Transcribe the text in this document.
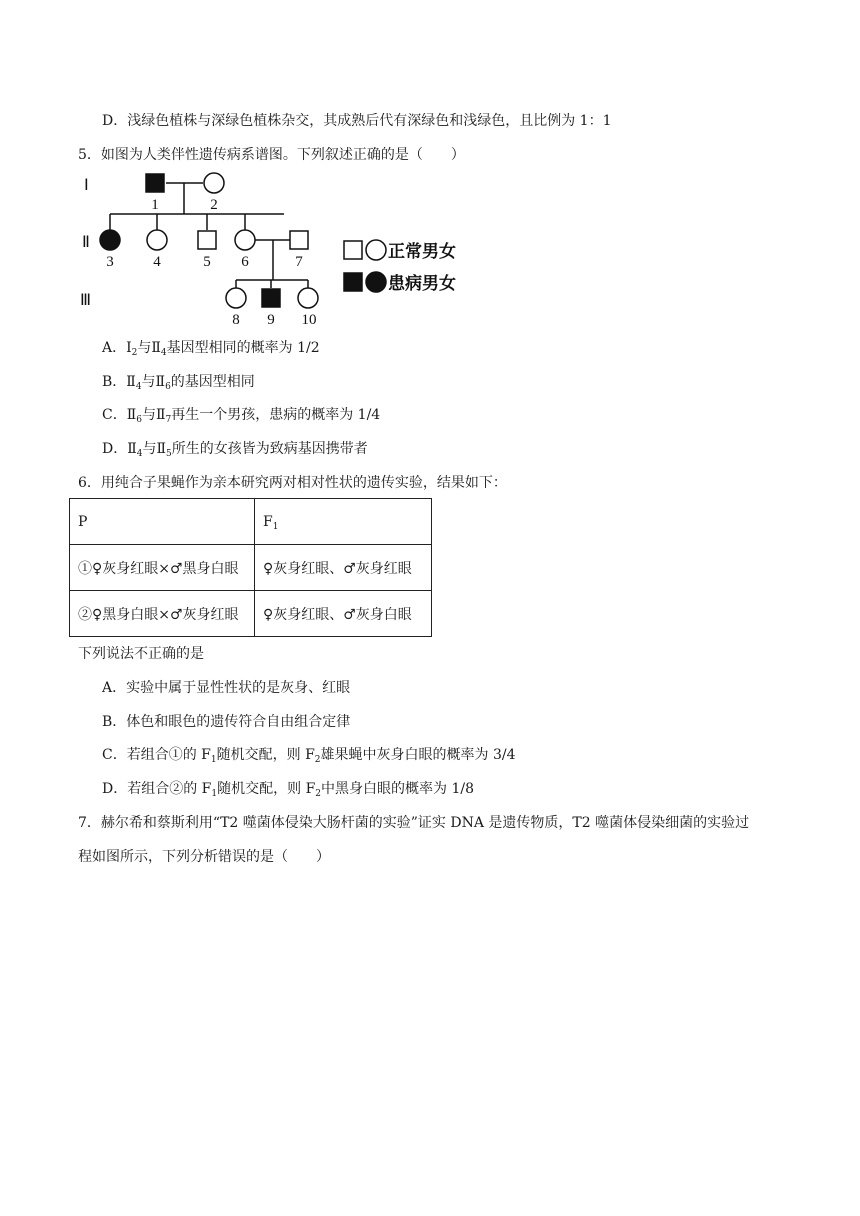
D．浅绿色植株与深绿色植株杂交，其成熟后代有深绿色和浅绿色，且比例为 1：1
5．如图为人类伴性遗传病系谱图。下列叙述正确的是（　　）
Ⅰ
Ⅱ
Ⅲ
1	2
3	4	5 6	7
8 9 10
正常男女
患病男女
A．$Ⅰ_2$与$Ⅱ_4$基因型相同的概率为 1/2
B．$Ⅱ_4$与$Ⅱ_6$的基因型相同
C．$Ⅱ_6$与$Ⅱ_7$再生一个男孩，患病的概率为 1/4
D．$Ⅱ_4$与$Ⅱ_5$所生的女孩皆为致病基因携带者
6．用纯合子果蝇作为亲本研究两对相对性状的遗传实验，结果如下：
P	$F_1$
①♀灰身红眼×♂黑身白眼	♀灰身红眼、♂灰身红眼
②♀黑身白眼×♂灰身红眼	♀灰身红眼、♂灰身白眼
下列说法不正确的是
A．实验中属于显性性状的是灰身、红眼
B．体色和眼色的遗传符合自由组合定律
C．若组合①的 $F_1$随机交配，则 $F_2$雄果蝇中灰身白眼的概率为 3/4
D．若组合②的 $F_1$随机交配，则 $F_2$中黑身白眼的概率为 1/8
7．赫尔希和蔡斯利用“T2 噬菌体侵染大肠杆菌的实验”证实 DNA 是遗传物质，T2 噬菌体侵染细菌的实验过
程如图所示，下列分析错误的是（　　）
